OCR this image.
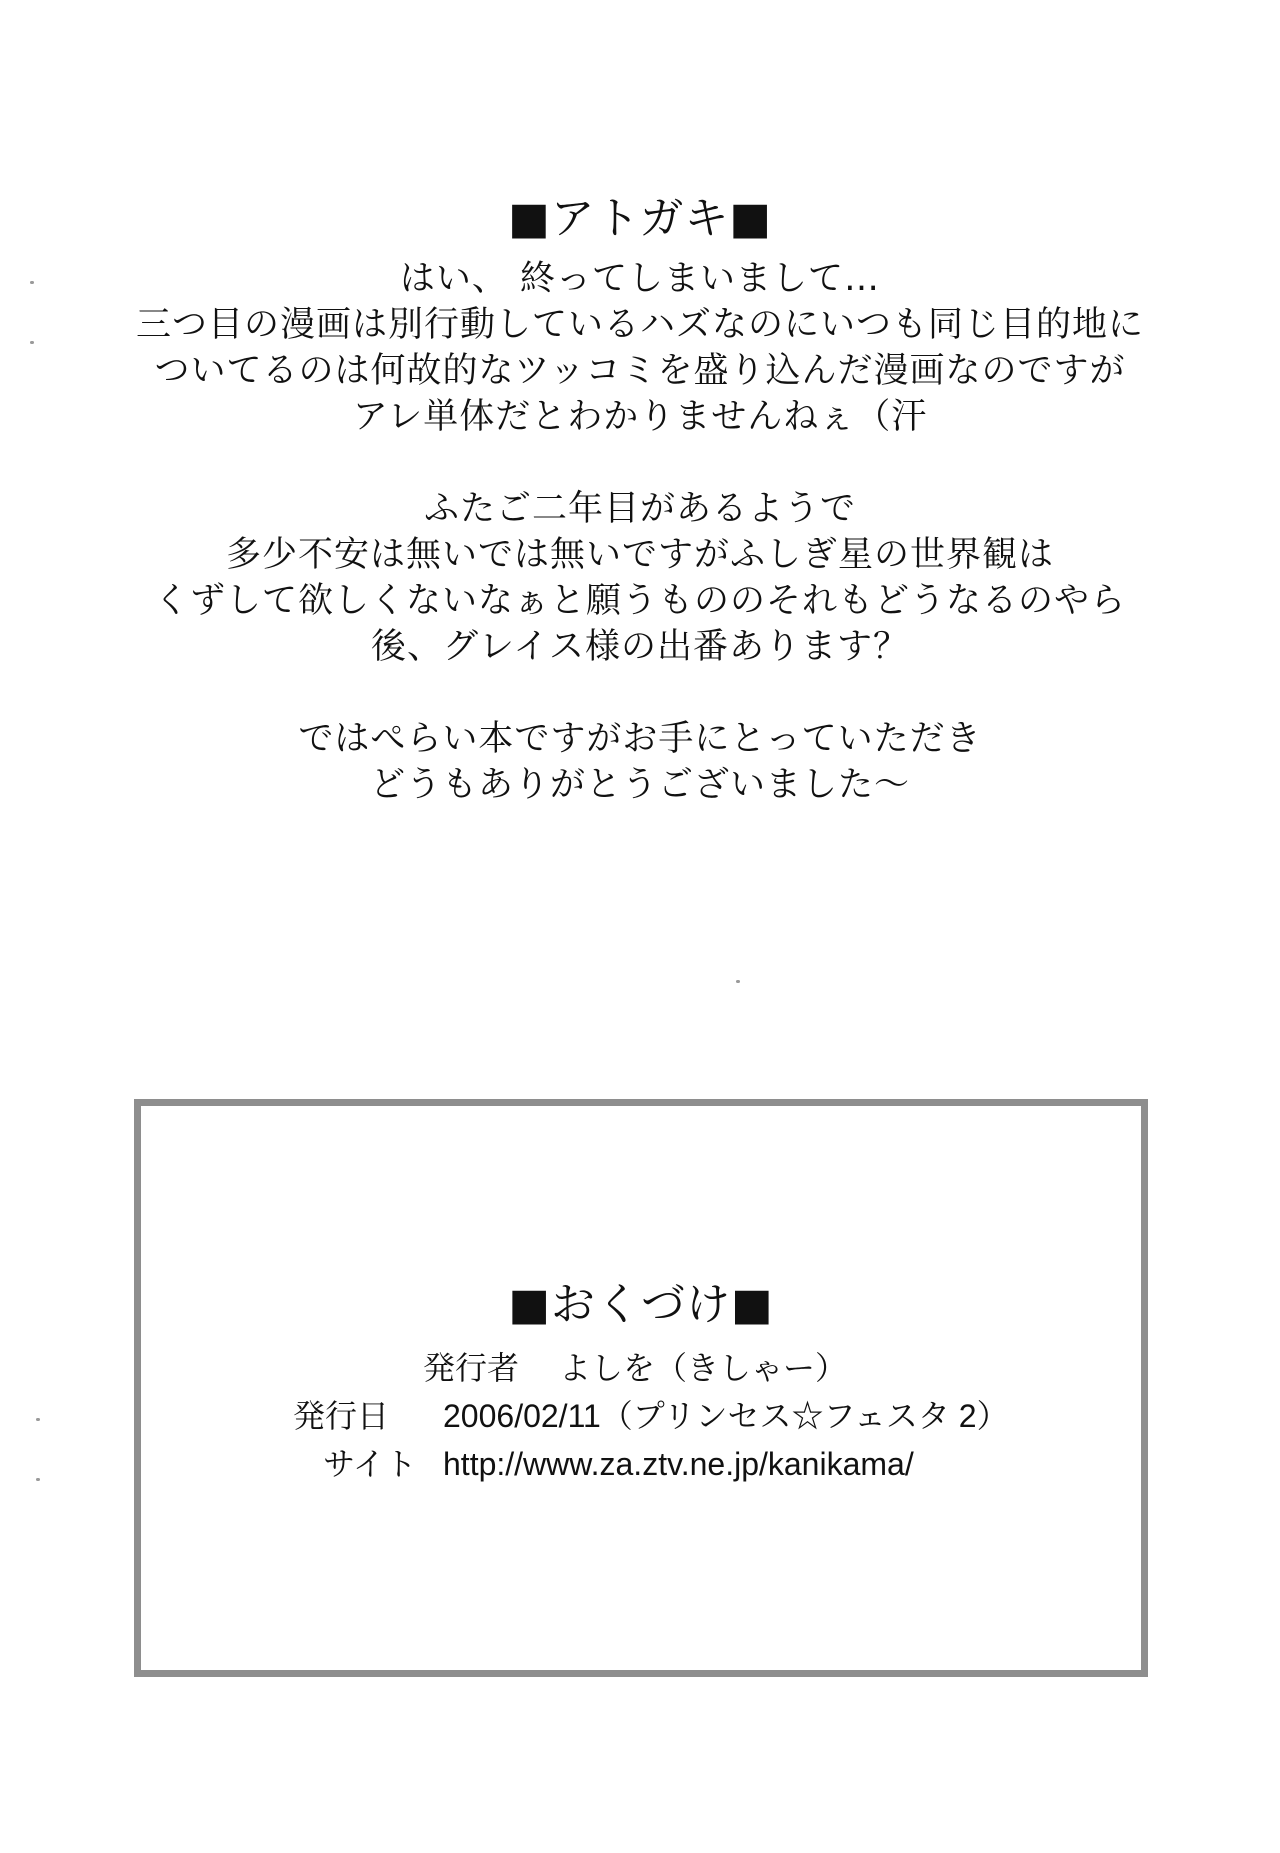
■アトガキ■
はい、 終ってしまいまして…
三つ目の漫画は別行動しているハズなのにいつも同じ目的地に
ついてるのは何故的なツッコミを盛り込んだ漫画なのですが
アレ単体だとわかりませんねぇ（汗
ふたご二年目があるようで
多少不安は無いでは無いですがふしぎ星の世界観は
くずして欲しくないなぁと願うもののそれもどうなるのやら
後、グレイス様の出番あります？
ではぺらい本ですがお手にとっていただき
どうもありがとうございました～
■おくづけ■
発行者 よしを（きしゃー）
発行日	2006/02/11（プリンセス☆フェスタ 2）
サイト http://www.za.ztv.ne.jp/kanikama/
